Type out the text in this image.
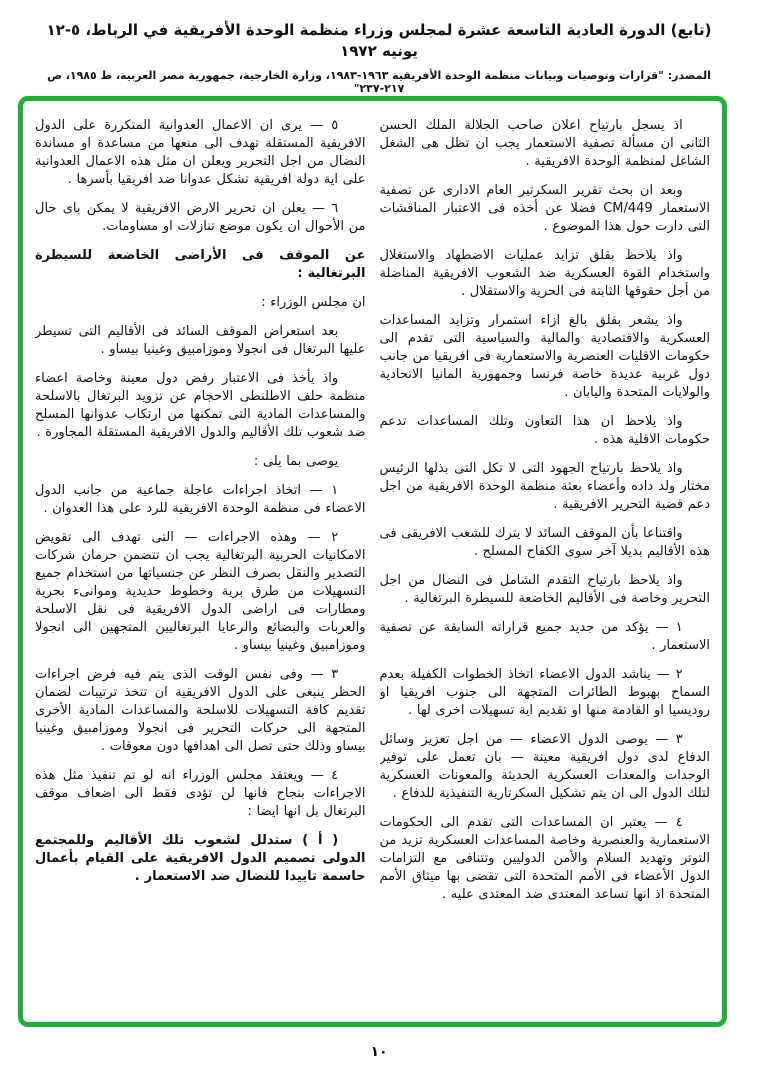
(تابع) الدورة العادية التاسعة عشرة لمجلس وزراء منظمة الوحدة الأفريقية في الرباط، ٥-١٢ يونيه ١٩٧٢
المصدر: "قرارات وتوصيات وبيانات منظمة الوحدة الأفريقية ١٩٦٣-١٩٨٣، وزارة الخارجية، جمهورية مصر العربية، ط ١٩٨٥، ص ٢١٧-٢٣٧"

اذ يسجل بارتياح اعلان صاحب الجلالة الملك الحسن الثانى ان مسألة تصفية الاستعمار يجب ان تظل هى الشغل الشاغل لمنظمة الوحدة الافريقية .

وبعد ان بحث تقرير السكرتير العام الادارى عن تصفية الاستعمار CM/449 فضلا عن أخذه فى الاعتبار المناقشات التى دارت حول هذا الموضوع .

واذ يلاحظ بقلق تزايد عمليات الاضطهاد والاستغلال واستخدام القوة العسكرية ضد الشعوب الافريقية المناضلة من أجل حقوقها الثابتة فى الحرية والاستقلال .

واذ يشعر بقلق بالغ ازاء استمرار وتزايد المساعدات العسكرية والاقتصادية والمالية والسياسية التى تقدم الى حكومات الاقليات العنصرية والاستعمارية فى افريقيا من جانب دول غربية عديدة خاصة فرنسا وجمهورية المانيا الاتحادية والولايات المتحدة واليابان .

واذ يلاحظ ان هذا التعاون وتلك المساعدات تدعم حكومات الاقلية هذه .

واذ يلاحظ بارتياح الجهود التى لا تكل التى بذلها الرئيس مختار ولد داده وأعضاء بعثة منظمة الوحدة الافريقية من اجل دعم قضية التحرير الافريقية .

واقتناعا بأن الموقف السائد لا يترك للشعب الافريقى فى هذه الأقاليم بديلا آخر سوى الكفاح المسلح .

واذ يلاحظ بارتياح التقدم الشامل فى النضال من اجل التحرير وخاصة فى الأقاليم الخاضعة للسيطرة البرتغالية .

١ — يؤكد من جديد جميع قراراته السابقة عن تصفية الاستعمار .

٢ — يناشد الدول الاعضاء اتخاذ الخطوات الكفيلة بعدم السماح بهبوط الطائرات المتجهة الى جنوب افريقيا او روديسيا او القادمة منها او تقديم اية تسهيلات اخرى لها .

٣ — يوصى الدول الاعضاء — من اجل تعزيز وسائل الدفاع لدى دول افريقية معينة — بان تعمل على توفير الوحدات والمعدات العسكرية الحديثة والمعونات العسكرية لتلك الدول الى ان يتم تشكيل السكرتارية التنفيذية للدفاع .

٤ — يعتبر ان المساعدات التى تقدم الى الحكومات الاستعمارية والعنصرية وخاصة المساعدات العسكرية تزيد من التوتر وتهديد السلام والأمن الدوليين وتتنافى مع التزامات الدول الأعضاء فى الأمم المتحدة التى تقضى بها ميثاق الأمم المتحدة اذ انها تساعد المعتدى ضد المعتدى عليه .

٥ — يرى ان الاعمال العدوانية المتكررة على الدول الافريقية المستقلة تهدف الى منعها من مساعدة او مساندة النضال من اجل التحرير ويعلن ان مثل هذه الاعمال العدوانية على اية دولة افريقية تشكل عدوانا ضد افريقيا بأسرها .

٦ — يعلن ان تحرير الارض الافريقية لا يمكن باى حال من الأحوال ان يكون موضع تنازلات او مساومات.

عن الموقف فى الأراضى الخاضعة للسيطرة البرتغالية :

ان مجلس الوزراء :

بعد استعراض الموقف السائد فى الأقاليم التى تسيطر عليها البرتغال فى انجولا وموزامبيق وغينيا بيساو .

واذ يأخذ فى الاعتبار رفض دول معينة وخاصة اعضاء منظمة حلف الاطلنطى الاحجام عن تزويد البرتغال بالاسلحة والمساعدات المادية التى تمكنها من ارتكاب عدوانها المسلح ضد شعوب تلك الأقاليم والدول الافريقية المستقلة المجاورة .

يوصى بما يلى :

١ — اتخاذ اجراءات عاجلة جماعية من جانب الدول الاعضاء فى منظمة الوحدة الافريقية للرد على هذا العدوان .

٢ — وهذه الاجراءات — التى تهدف الى تقويض الامكانيات الحربية البرتغالية يجب ان تتضمن حرمان شركات التصدير والنقل بصرف النظر عن جنسياتها من استخدام جميع التسهيلات من طرق برية وخطوط حديدية وموانىء بحرية ومطارات فى اراضى الدول الافريقية فى نقل الاسلحة والعربات والبضائع والرعايا البرتغاليين المتجهين الى انجولا وموزامبيق وغينيا بيساو .

٣ — وفى نفس الوقت الذى يتم فيه فرض اجراءات الحظر ينبغى على الدول الافريقية ان تتخذ ترتيبات لضمان تقديم كافة التسهيلات للاسلحة والمساعدات المادية الأخرى المتجهة الى حركات التحرير فى انجولا وموزامبيق وغينيا بيساو وذلك حتى تصل الى اهدافها دون معوقات .

٤ — ويعتقد مجلس الوزراء انه لو تم تنفيذ مثل هذه الاجراءات بنجاح فانها لن تؤدى فقط الى اضعاف موقف البرتغال بل انها ايضا :

( أ ) ستدلل لشعوب تلك الأقاليم وللمجتمع الدولى تصميم الدول الافريقية على القيام بأعمال حاسمة تاييدا للنضال ضد الاستعمار .

١٠
